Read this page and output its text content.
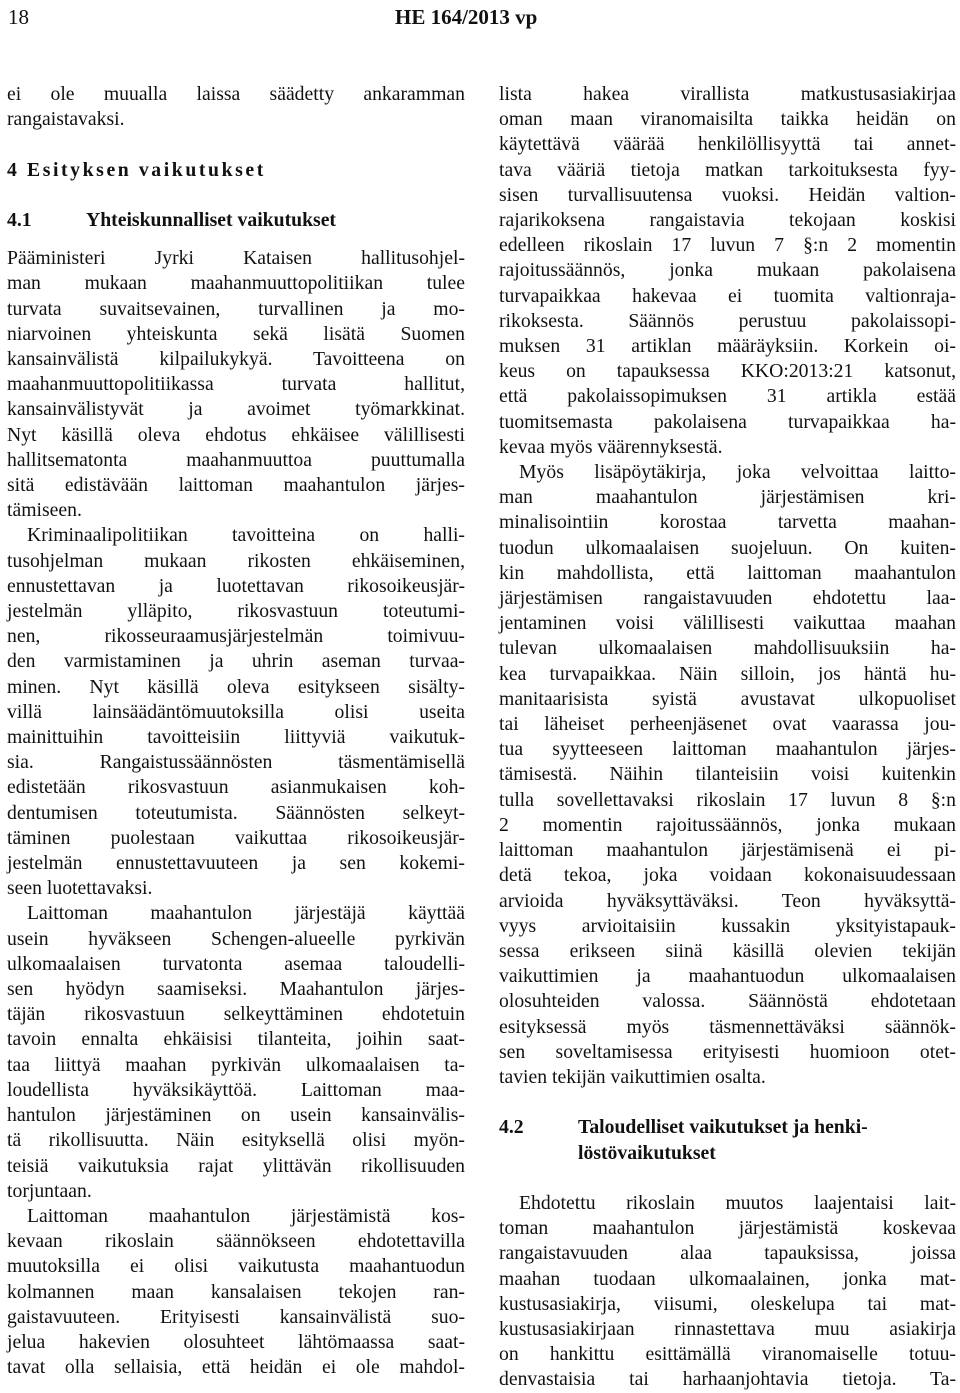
18	HE 164/2013 vp
ei ole muualla laissa säädetty ankaramman
rangaistavaksi.
4 Esityksen vaikutukset
4.1	Yhteiskunnalliset vaikutukset
Pääministeri Jyrki Kataisen hallitusohjel-
man mukaan maahanmuuttopolitiikan tulee
turvata suvaitsevainen, turvallinen ja mo-
niarvoinen yhteiskunta sekä lisätä Suomen
kansainvälistä kilpailukykyä. Tavoitteena on
maahanmuuttopolitiikassa turvata hallitut,
kansainvälistyvät ja avoimet työmarkkinat.
Nyt käsillä oleva ehdotus ehkäisee välillisesti
hallitsematonta maahanmuuttoa puuttumalla
sitä edistävään laittoman maahantulon järjes-
tämiseen.
Kriminaalipolitiikan tavoitteina on halli-
tusohjelman mukaan rikosten ehkäiseminen,
ennustettavan ja luotettavan rikosoikeusjär-
jestelmän ylläpito, rikosvastuun toteutumi-
nen, rikosseuraamusjärjestelmän toimivuu-
den varmistaminen ja uhrin aseman turvaa-
minen. Nyt käsillä oleva esitykseen sisälty-
villä lainsäädäntömuutoksilla olisi useita
mainittuihin tavoitteisiin liittyviä vaikutuk-
sia. Rangaistussäännösten täsmentämisellä
edistetään rikosvastuun asianmukaisen koh-
dentumisen toteutumista. Säännösten selkeyt-
täminen puolestaan vaikuttaa rikosoikeusjär-
jestelmän ennustettavuuteen ja sen kokemi-
seen luotettavaksi.
Laittoman maahantulon järjestäjä käyttää
usein hyväkseen Schengen-alueelle pyrkivän
ulkomaalaisen turvatonta asemaa taloudelli-
sen hyödyn saamiseksi. Maahantulon järjes-
täjän rikosvastuun selkeyttäminen ehdotetuin
tavoin ennalta ehkäisisi tilanteita, joihin saat-
taa liittyä maahan pyrkivän ulkomaalaisen ta-
loudellista hyväksikäyttöä. Laittoman maa-
hantulon järjestäminen on usein kansainvälis-
tä rikollisuutta. Näin esityksellä olisi myön-
teisiä vaikutuksia rajat ylittävän rikollisuuden
torjuntaan.
Laittoman maahantulon järjestämistä kos-
kevaan rikoslain säännökseen ehdotettavilla
muutoksilla ei olisi vaikutusta maahantuodun
kolmannen maan kansalaisen tekojen ran-
gaistavuuteen. Erityisesti kansainvälistä suo-
jelua hakevien olosuhteet lähtömaassa saat-
tavat olla sellaisia, että heidän ei ole mahdol-
lista hakea virallista matkustusasiakirjaa
oman maan viranomaisilta taikka heidän on
käytettävä väärää henkilöllisyyttä tai annet-
tava vääriä tietoja matkan tarkoituksesta fyy-
sisen turvallisuutensa vuoksi. Heidän valtion-
rajarikoksena rangaistavia tekojaan koskisi
edelleen rikoslain 17 luvun 7 §:n 2 momentin
rajoitussäännös, jonka mukaan pakolaisena
turvapaikkaa hakevaa ei tuomita valtionraja-
rikoksesta. Säännös perustuu pakolaissopi-
muksen 31 artiklan määräyksiin. Korkein oi-
keus on tapauksessa KKO:2013:21 katsonut,
että pakolaissopimuksen 31 artikla estää
tuomitsemasta pakolaisena turvapaikkaa ha-
kevaa myös väärennyksestä.
Myös lisäpöytäkirja, joka velvoittaa laitto-
man maahantulon järjestämisen kri-
minalisointiin korostaa tarvetta maahan-
tuodun ulkomaalaisen suojeluun. On kuiten-
kin mahdollista, että laittoman maahantulon
järjestämisen rangaistavuuden ehdotettu laa-
jentaminen voisi välillisesti vaikuttaa maahan
tulevan ulkomaalaisen mahdollisuuksiin ha-
kea turvapaikkaa. Näin silloin, jos häntä hu-
manitaarisista syistä avustavat ulkopuoliset
tai läheiset perheenjäsenet ovat vaarassa jou-
tua syytteeseen laittoman maahantulon järjes-
tämisestä. Näihin tilanteisiin voisi kuitenkin
tulla sovellettavaksi rikoslain 17 luvun 8 §:n
2 momentin rajoitussäännös, jonka mukaan
laittoman maahantulon järjestämisenä ei pi-
detä tekoa, joka voidaan kokonaisuudessaan
arvioida hyväksyttäväksi. Teon hyväksyttä-
vyys arvioitaisiin kussakin yksityistapauk-
sessa erikseen siinä käsillä olevien tekijän
vaikuttimien ja maahantuodun ulkomaalaisen
olosuhteiden valossa. Säännöstä ehdotetaan
esityksessä myös täsmennettäväksi säännök-
sen soveltamisessa erityisesti huomioon otet-
tavien tekijän vaikuttimien osalta.
4.2	Taloudelliset vaikutukset ja henki-
löstövaikutukset
Ehdotettu rikoslain muutos laajentaisi lait-
toman maahantulon järjestämistä koskevaa
rangaistavuuden alaa tapauksissa, joissa
maahan tuodaan ulkomaalainen, jonka mat-
kustusasiakirja, viisumi, oleskelupa tai mat-
kustusasiakirjaan rinnastettava muu asiakirja
on hankittu esittämällä viranomaiselle totuu-
denvastaisia tai harhaanjohtavia tietoja. Ta-
